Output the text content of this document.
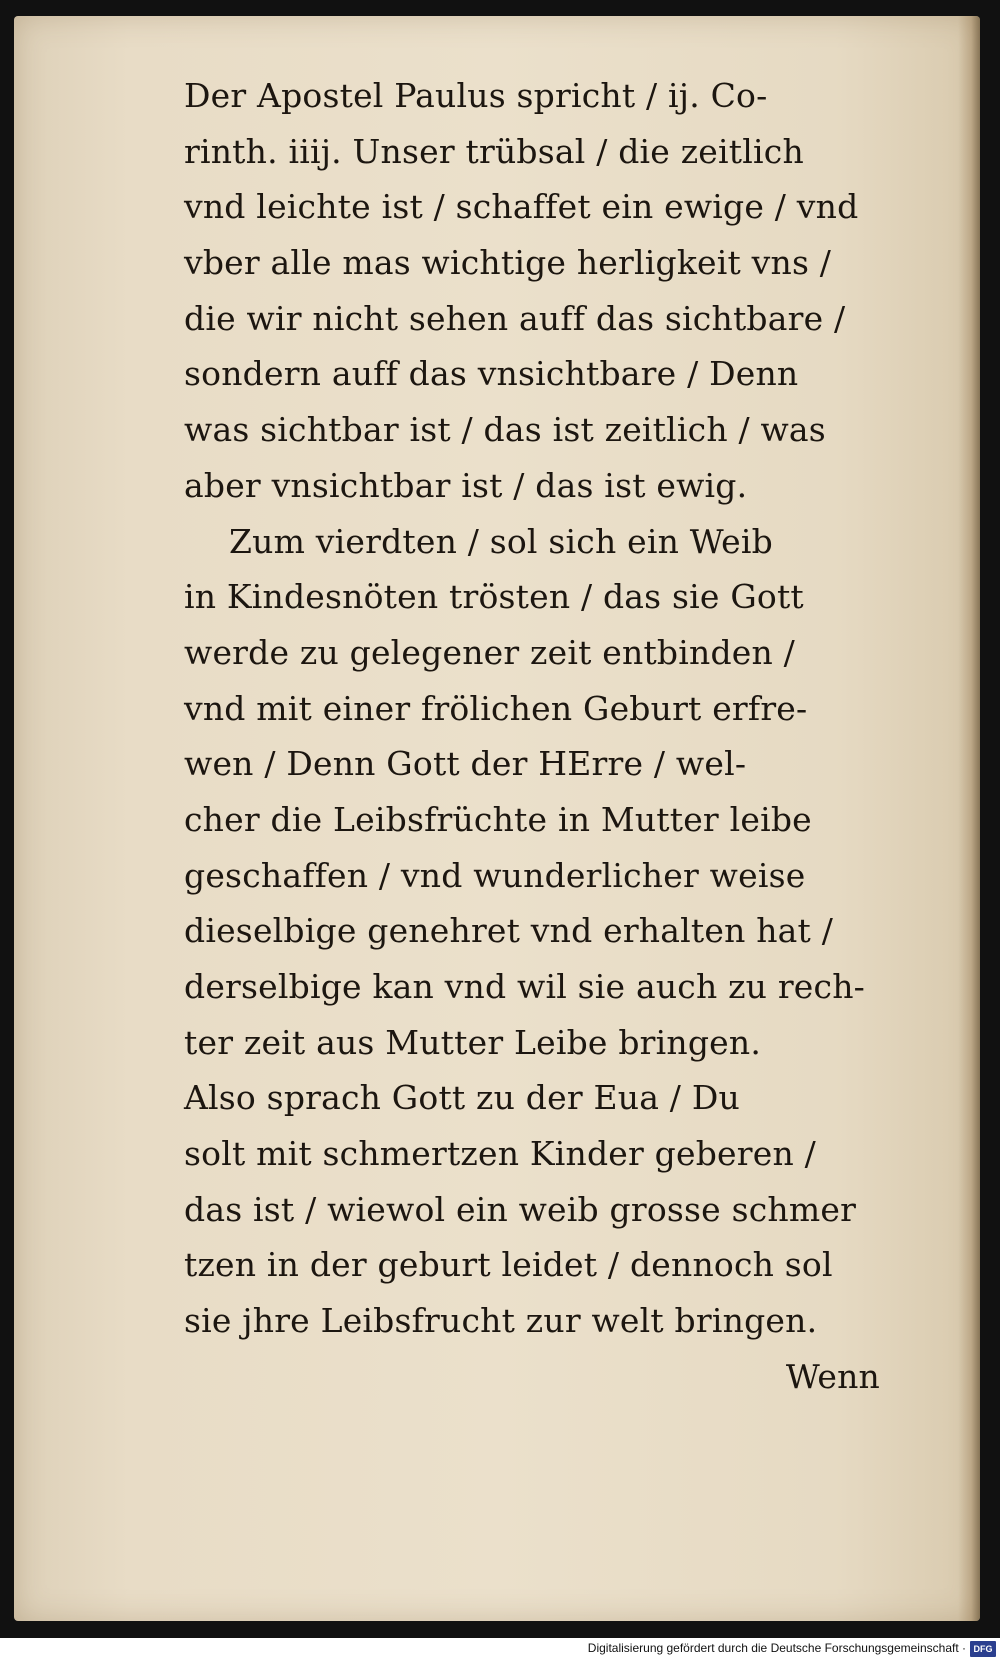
Der Apostel Paulus spricht / ij. Co-
rinth. iiij. Unser trübsal / die zeitlich
vnd leichte ist / schaffet ein ewige / vnd
vber alle mas wichtige herligkeit vns /
die wir nicht sehen auff das sichtbare /
sondern auff das vnsichtbare / Denn
was sichtbar ist / das ist zeitlich / was
aber vnsichtbar ist / das ist ewig.
Zum vierdten / sol sich ein Weib
in Kindesnöten trösten / das sie Gott
werde zu gelegener zeit entbinden /
vnd mit einer frölichen Geburt erfre-
wen / Denn Gott der HErre / wel-
cher die Leibsfrüchte in Mutter leibe
geschaffen / vnd wunderlicher weise
dieselbige genehret vnd erhalten hat /
derselbige kan vnd wil sie auch zu rech-
ter zeit aus Mutter Leibe bringen.
Also sprach Gott zu der Eua / Du
solt mit schmertzen Kinder geberen /
das ist / wiewol ein weib grosse schmer
tzen in der geburt leidet / dennoch sol
sie jhre Leibsfrucht zur welt bringen.
Wenn
Digitalisierung gefördert durch die Deutsche Forschungsgemeinschaft · DFG
